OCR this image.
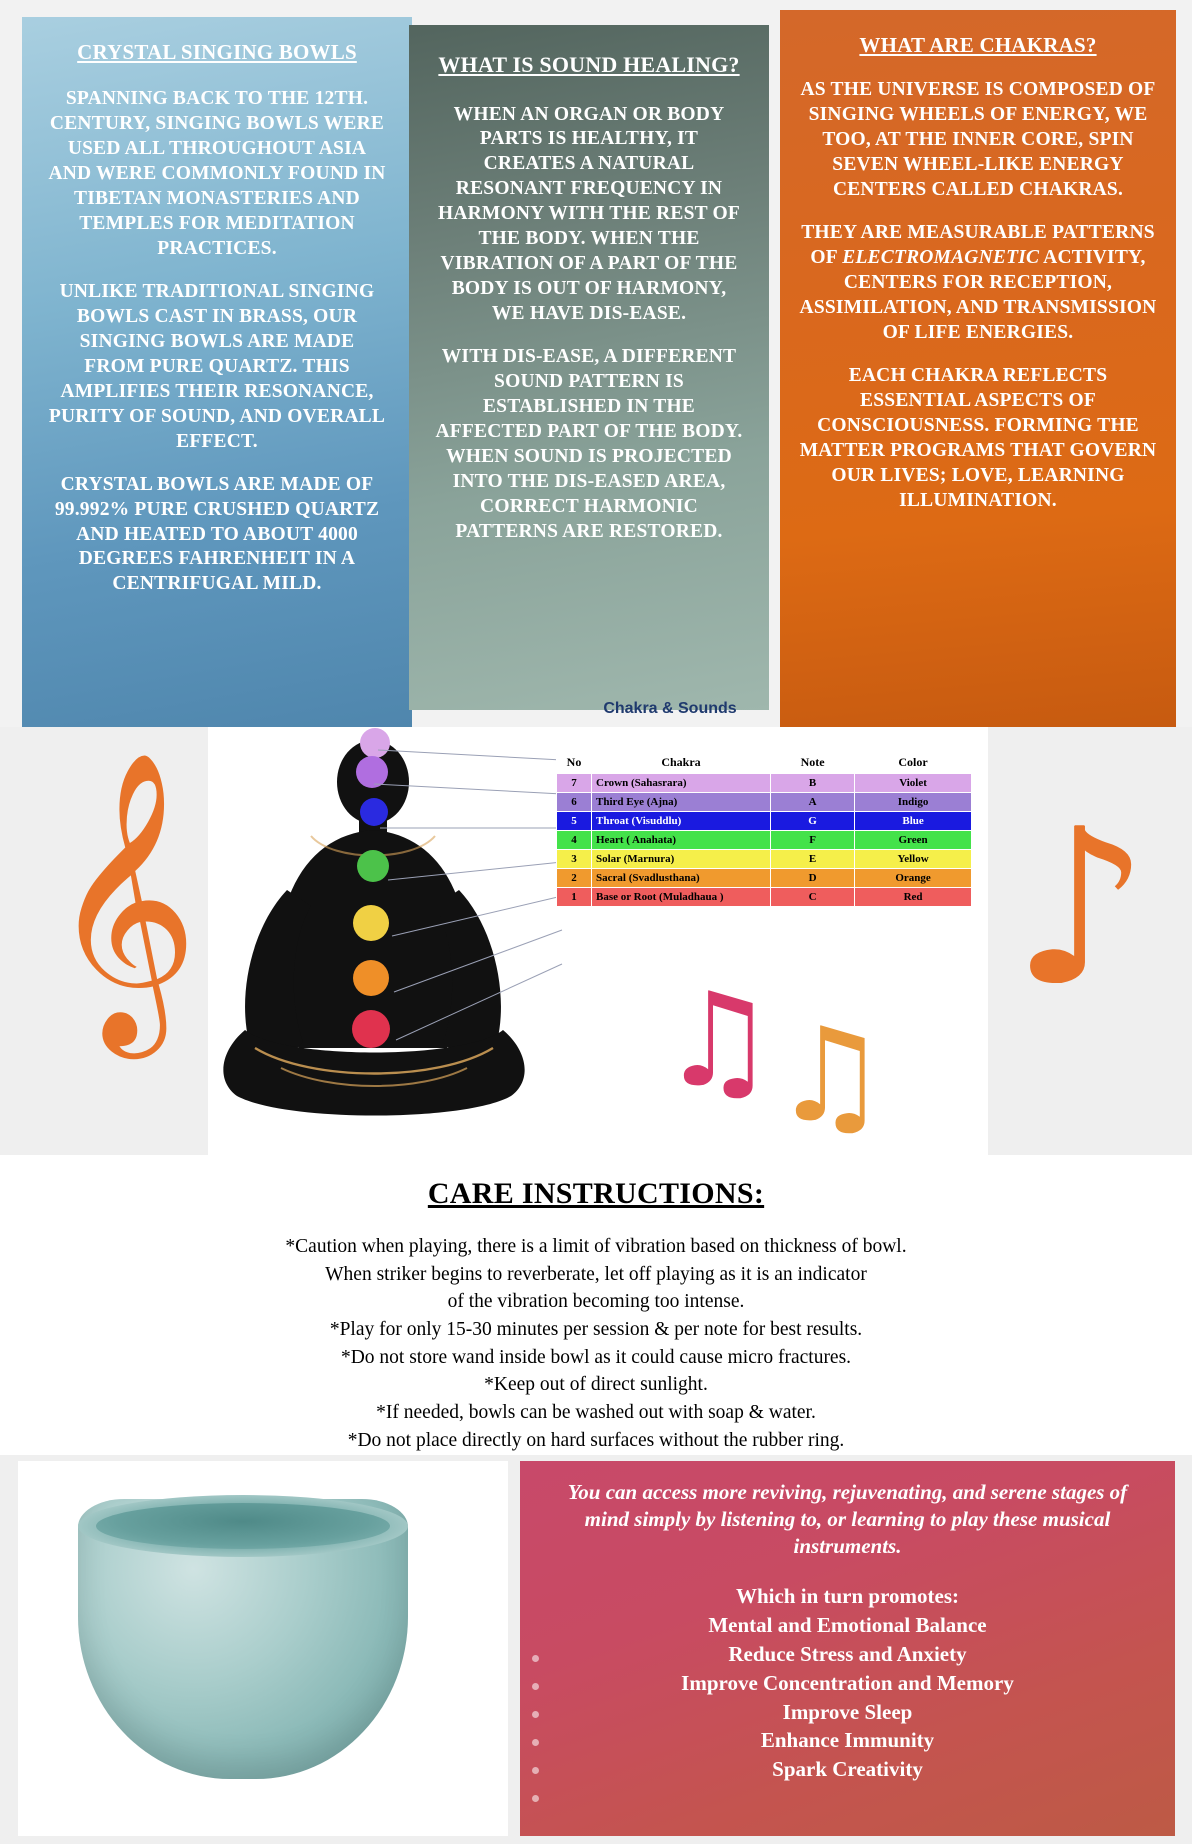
CRYSTAL SINGING BOWLS

SPANNING BACK TO THE 12TH. CENTURY, SINGING BOWLS WERE USED ALL THROUGHOUT ASIA AND WERE COMMONLY FOUND IN TIBETAN MONASTERIES AND TEMPLES FOR MEDITATION PRACTICES.

UNLIKE TRADITIONAL SINGING BOWLS CAST IN BRASS, OUR SINGING BOWLS ARE MADE FROM PURE QUARTZ. THIS AMPLIFIES THEIR RESONANCE, PURITY OF SOUND, AND OVERALL EFFECT.

CRYSTAL BOWLS ARE MADE OF 99.992% PURE CRUSHED QUARTZ AND HEATED TO ABOUT 4000 DEGREES FAHRENHEIT IN A CENTRIFUGAL MILD.

WHAT IS SOUND HEALING?

WHEN AN ORGAN OR BODY PARTS IS HEALTHY, IT CREATES A NATURAL RESONANT FREQUENCY IN HARMONY WITH THE REST OF THE BODY. WHEN THE VIBRATION OF A PART OF THE BODY IS OUT OF HARMONY, WE HAVE DIS-EASE.

WITH DIS-EASE, A DIFFERENT SOUND PATTERN IS ESTABLISHED IN THE AFFECTED PART OF THE BODY. WHEN SOUND IS PROJECTED INTO THE DIS-EASED AREA, CORRECT HARMONIC PATTERNS ARE RESTORED.

WHAT ARE CHAKRAS?

AS THE UNIVERSE IS COMPOSED OF SINGING WHEELS OF ENERGY, WE TOO, AT THE INNER CORE, SPIN SEVEN WHEEL-LIKE ENERGY CENTERS CALLED CHAKRAS.

THEY ARE MEASURABLE PATTERNS OF ELECTROMAGNETIC ACTIVITY, CENTERS FOR RECEPTION, ASSIMILATION, AND TRANSMISSION OF LIFE ENERGIES.

EACH CHAKRA REFLECTS ESSENTIAL ASPECTS OF CONSCIOUSNESS. FORMING THE MATTER PROGRAMS THAT GOVERN OUR LIVES; LOVE, LEARNING ILLUMINATION.

Chakra & Sounds
𝄞	♪
No	Chakra	Note	Color
7	Crown (Sahasrara)	B	Violet
6	Third Eye (Ajna)	A	Indigo
5	Throat (Visuddlu)	G	Blue
4	Heart ( Anahata)	F	Green
3	Solar (Marnura)	E	Yellow
2	Sacral (Svadlusthana)	D	Orange
1	Base or Root (Muladhaua )	C	Red
♫
♫
CARE INSTRUCTIONS:
*Caution when playing, there is a limit of vibration based on thickness of bowl.
When striker begins to reverberate, let off playing as it is an indicator
of the vibration becoming too intense.
*Play for only 15-30 minutes per session & per note for best results.
*Do not store wand inside bowl as it could cause micro fractures.
*Keep out of direct sunlight.
*If needed, bowls can be washed out with soap & water.
*Do not place directly on hard surfaces without the rubber ring.
You can access more reviving, rejuvenating, and serene stages of mind simply by listening to, or learning to play these musical instruments.
Which in turn promotes:
Mental and Emotional Balance
Reduce Stress and Anxiety
Improve Concentration and Memory
Improve Sleep
Enhance Immunity
Spark Creativity
